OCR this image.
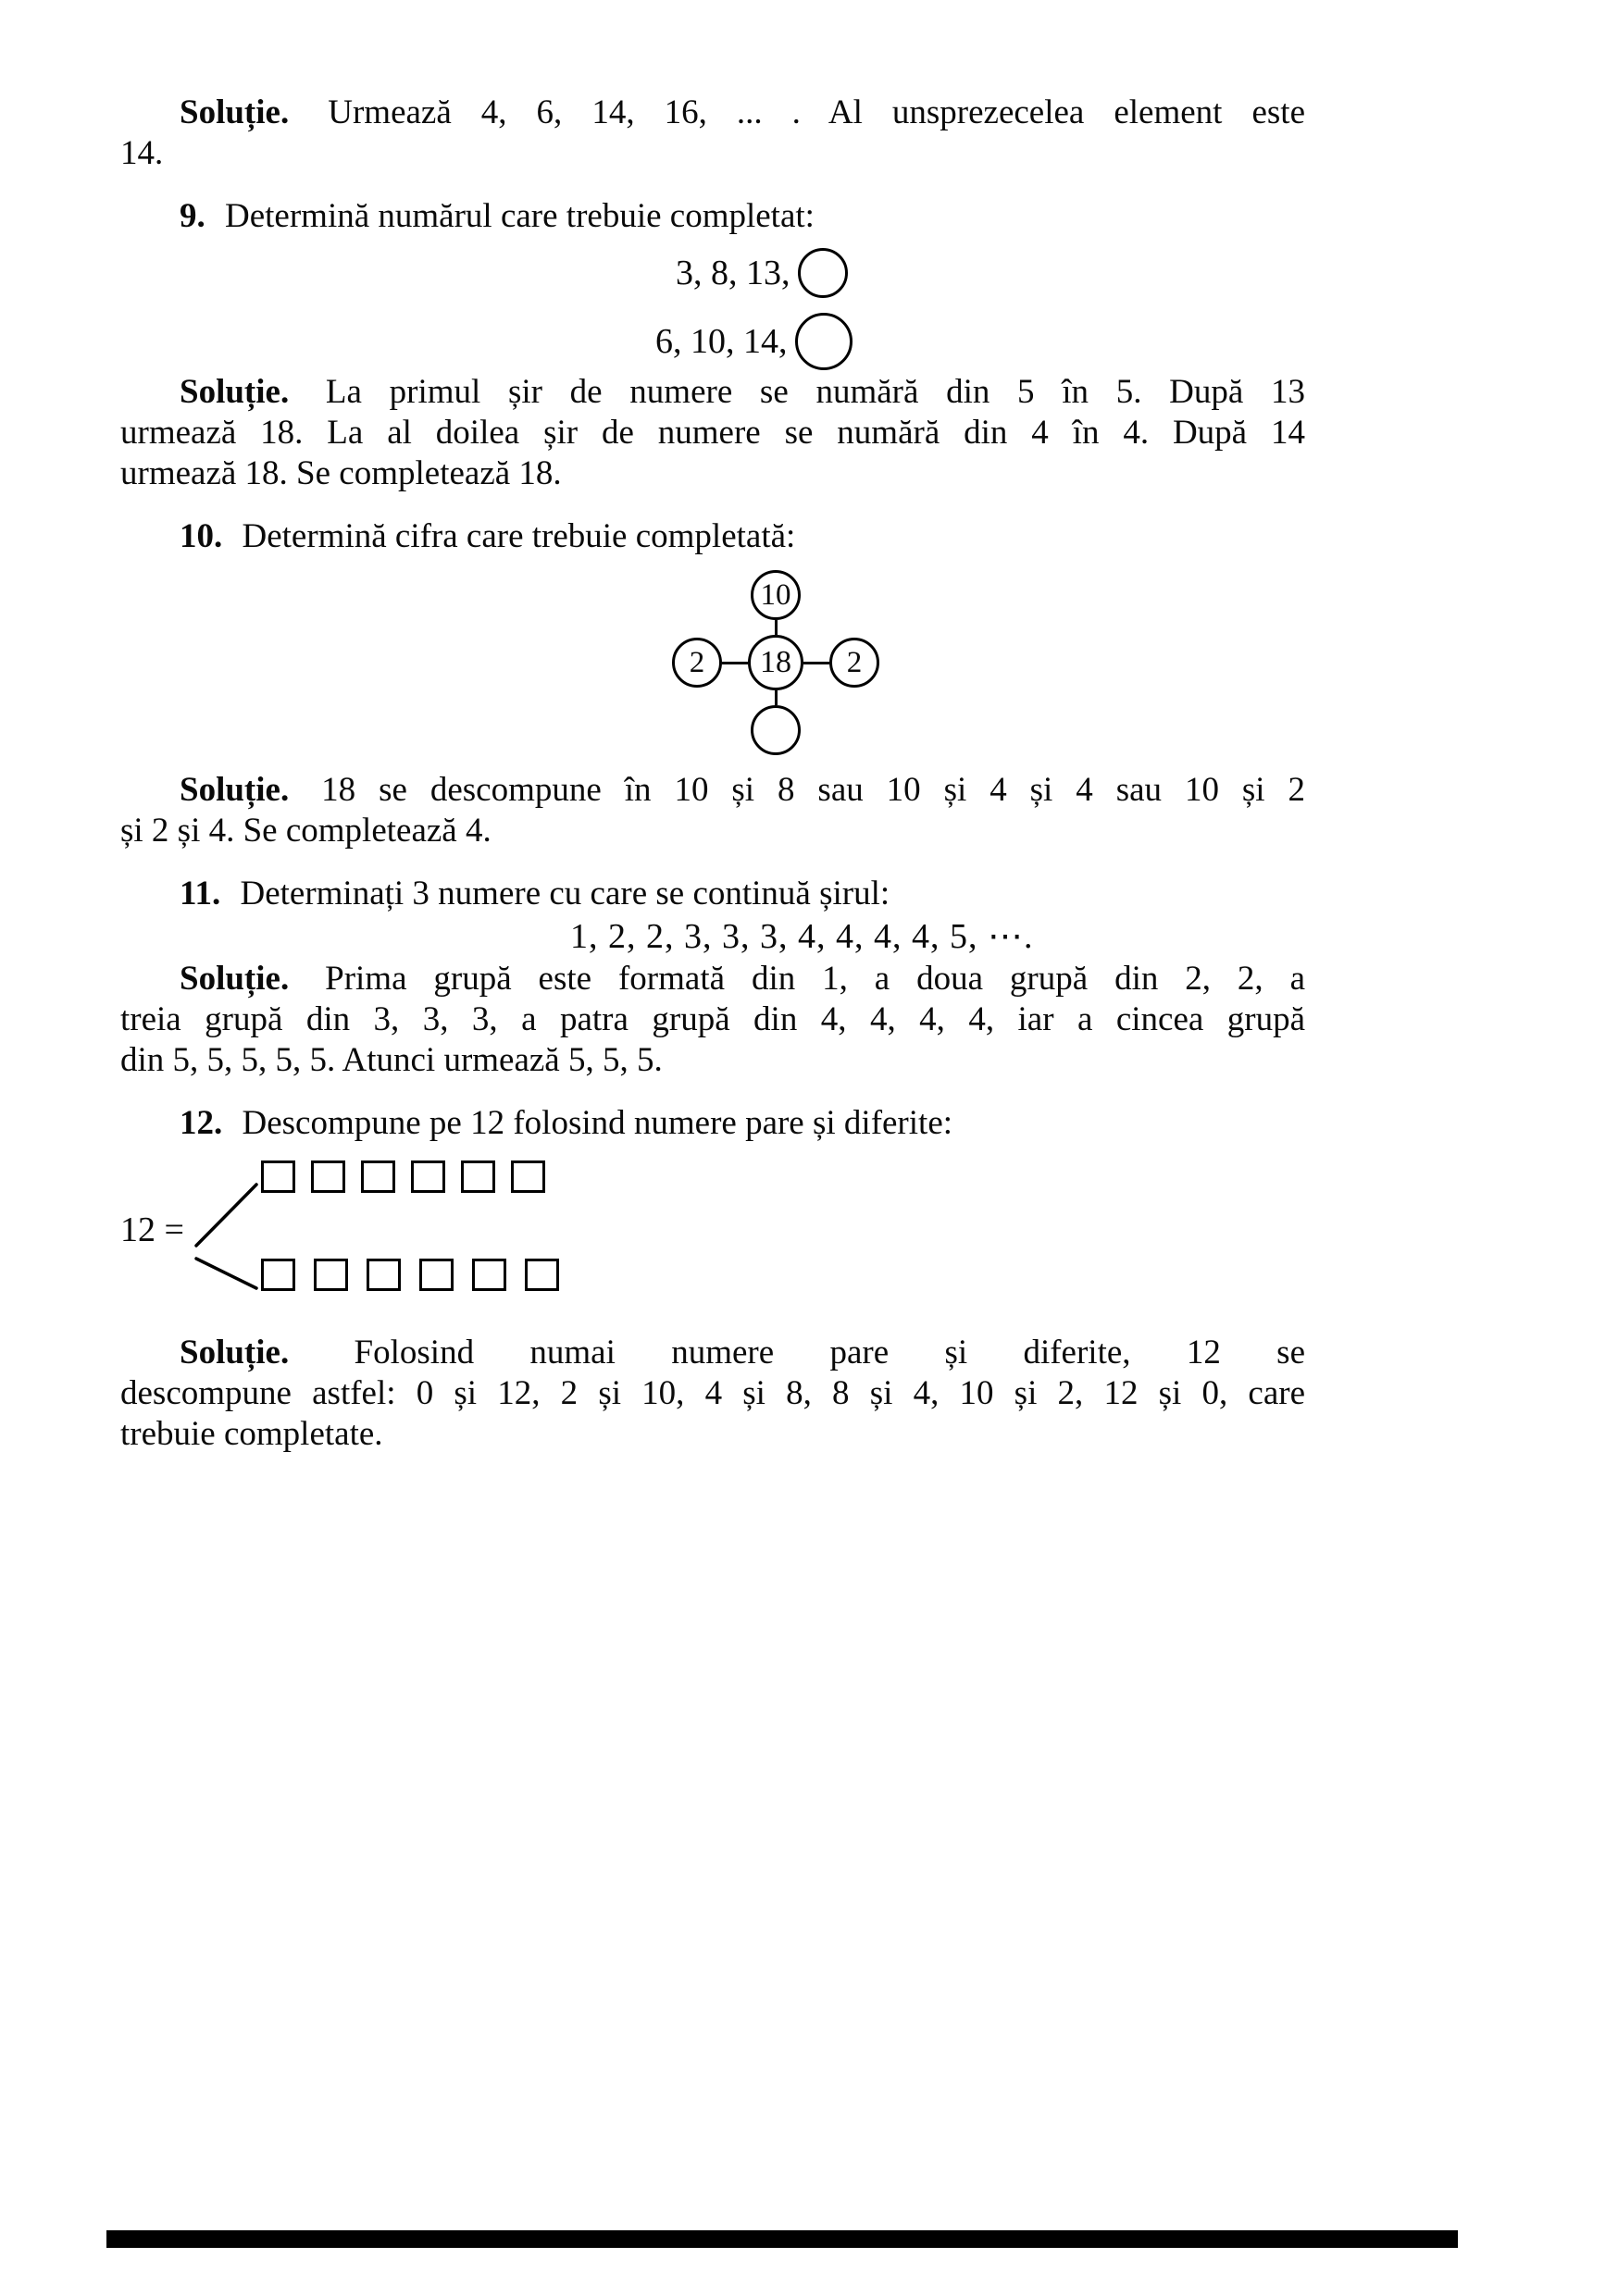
Soluție. Urmează 4, 6, 14, 16, ... . Al unsprezecelea element este
14.
9. Determină numărul care trebuie completat:
3, 8, 13,
6, 10, 14,
Soluție. La primul șir de numere se numără din 5 în 5. După 13
urmează 18. La al doilea șir de numere se numără din 4 în 4. După 14
urmează 18. Se completează 18.
10. Determină cifra care trebuie completată:
10
2	18	2
Soluție. 18 se descompune în 10 și 8 sau 10 și 4 și 4 sau 10 și 2
și 2 și 4. Se completează 4.
11. Determinați 3 numere cu care se continuă șirul:
1, 2, 2, 3, 3, 3, 4, 4, 4, 4, 5, ⋯.
Soluție. Prima grupă este formată din 1, a doua grupă din 2, 2, a
treia grupă din 3, 3, 3, a patra grupă din 4, 4, 4, 4, iar a cincea grupă
din 5, 5, 5, 5, 5. Atunci urmează 5, 5, 5.
12. Descompune pe 12 folosind numere pare și diferite:
12 =
Soluție. Folosind numai numere pare și diferite, 12 se
descompune astfel: 0 și 12, 2 și 10, 4 și 8, 8 și 4, 10 și 2, 12 și 0, care
trebuie completate.
